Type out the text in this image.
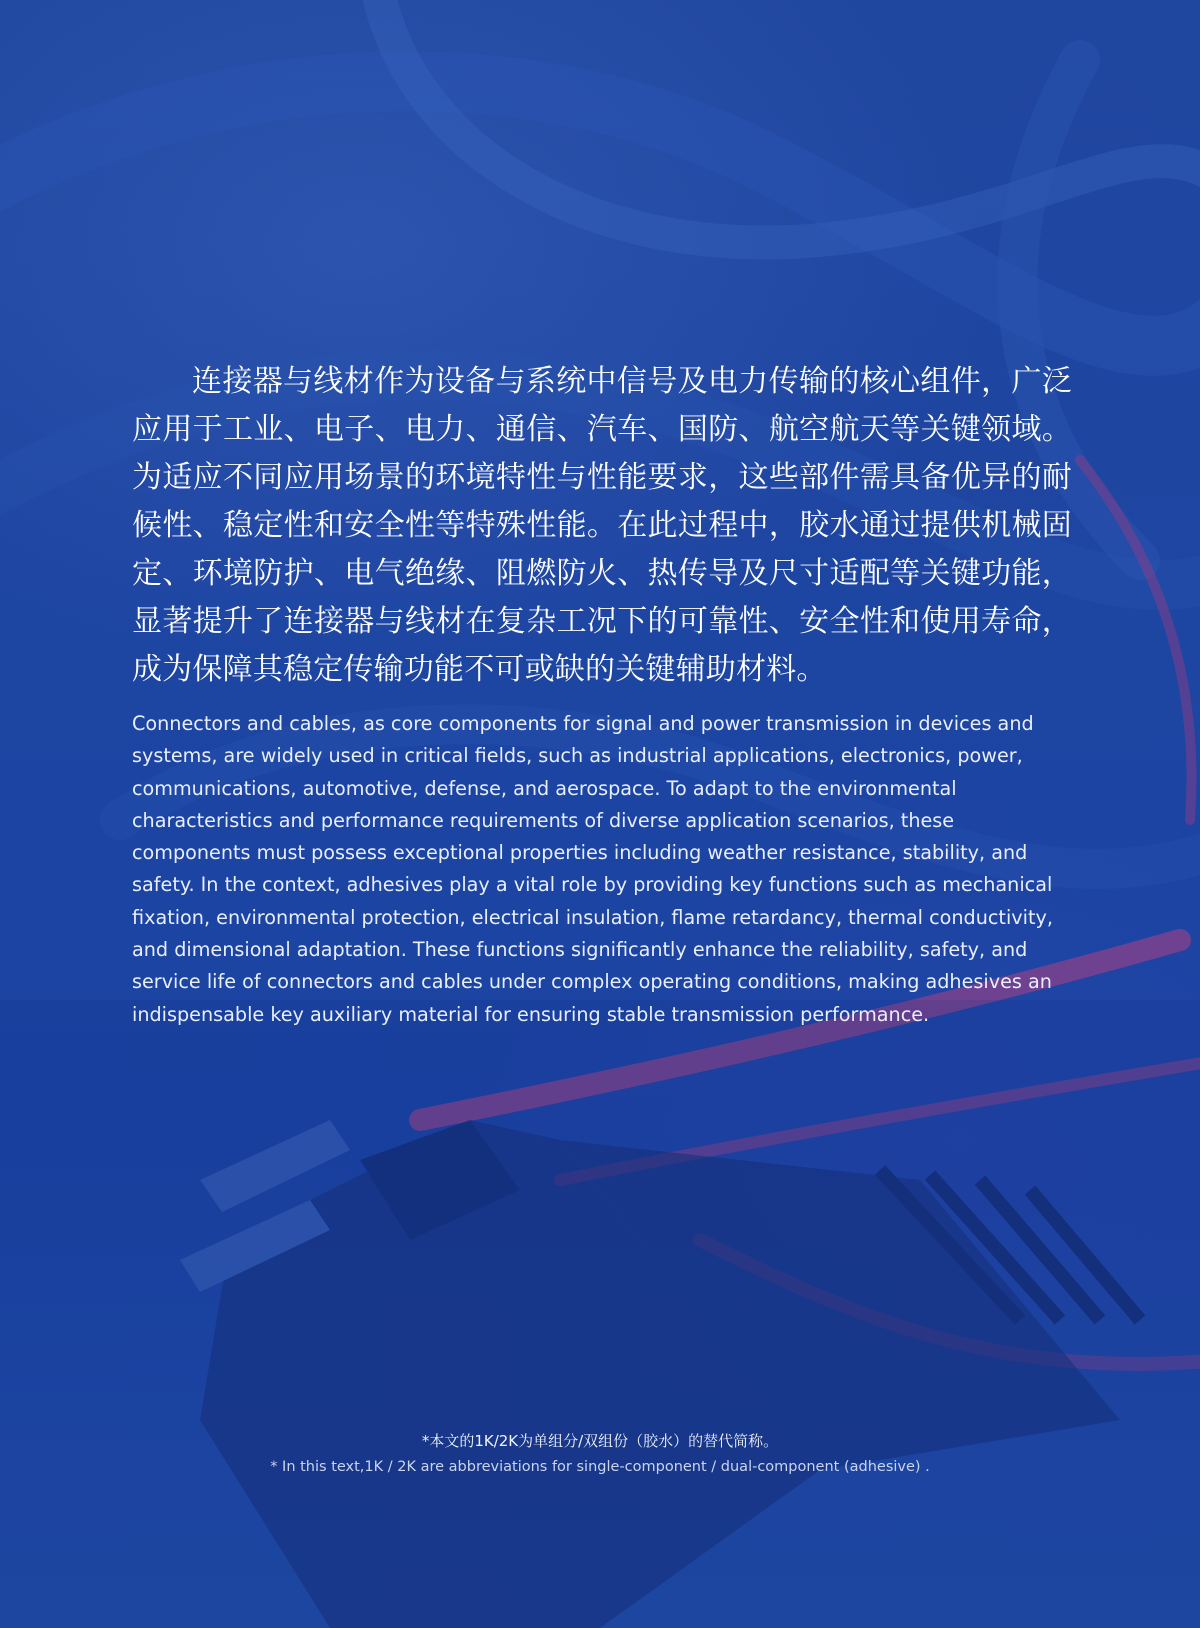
连接器与线材作为设备与系统中信号及电力传输的核心组件，广泛应用于工业、电子、电力、通信、汽车、国防、航空航天等关键领域。为适应不同应用场景的环境特性与性能要求，这些部件需具备优异的耐候性、稳定性和安全性等特殊性能。在此过程中，胶水通过提供机械固定、环境防护、电气绝缘、阻燃防火、热传导及尺寸适配等关键功能，显著提升了连接器与线材在复杂工况下的可靠性、安全性和使用寿命，成为保障其稳定传输功能不可或缺的关键辅助材料。

Connectors and cables, as core components for signal and power transmission in devices and systems, are widely used in critical fields, such as industrial applications, electronics, power, communications, automotive, defense, and aerospace. To adapt to the environmental characteristics and performance requirements of diverse application scenarios, these components must possess exceptional properties including weather resistance, stability, and safety. In the context, adhesives play a vital role by providing key functions such as mechanical fixation, environmental protection, electrical insulation, flame retardancy, thermal conductivity, and dimensional adaptation. These functions significantly enhance the reliability, safety, and service life of connectors and cables under complex operating conditions, making adhesives an indispensable key auxiliary material for ensuring stable transmission performance.

*本文的1K/2K为单组分/双组份（胶水）的替代简称。
* In this text,1K / 2K are abbreviations for single-component / dual-component (adhesive) .
